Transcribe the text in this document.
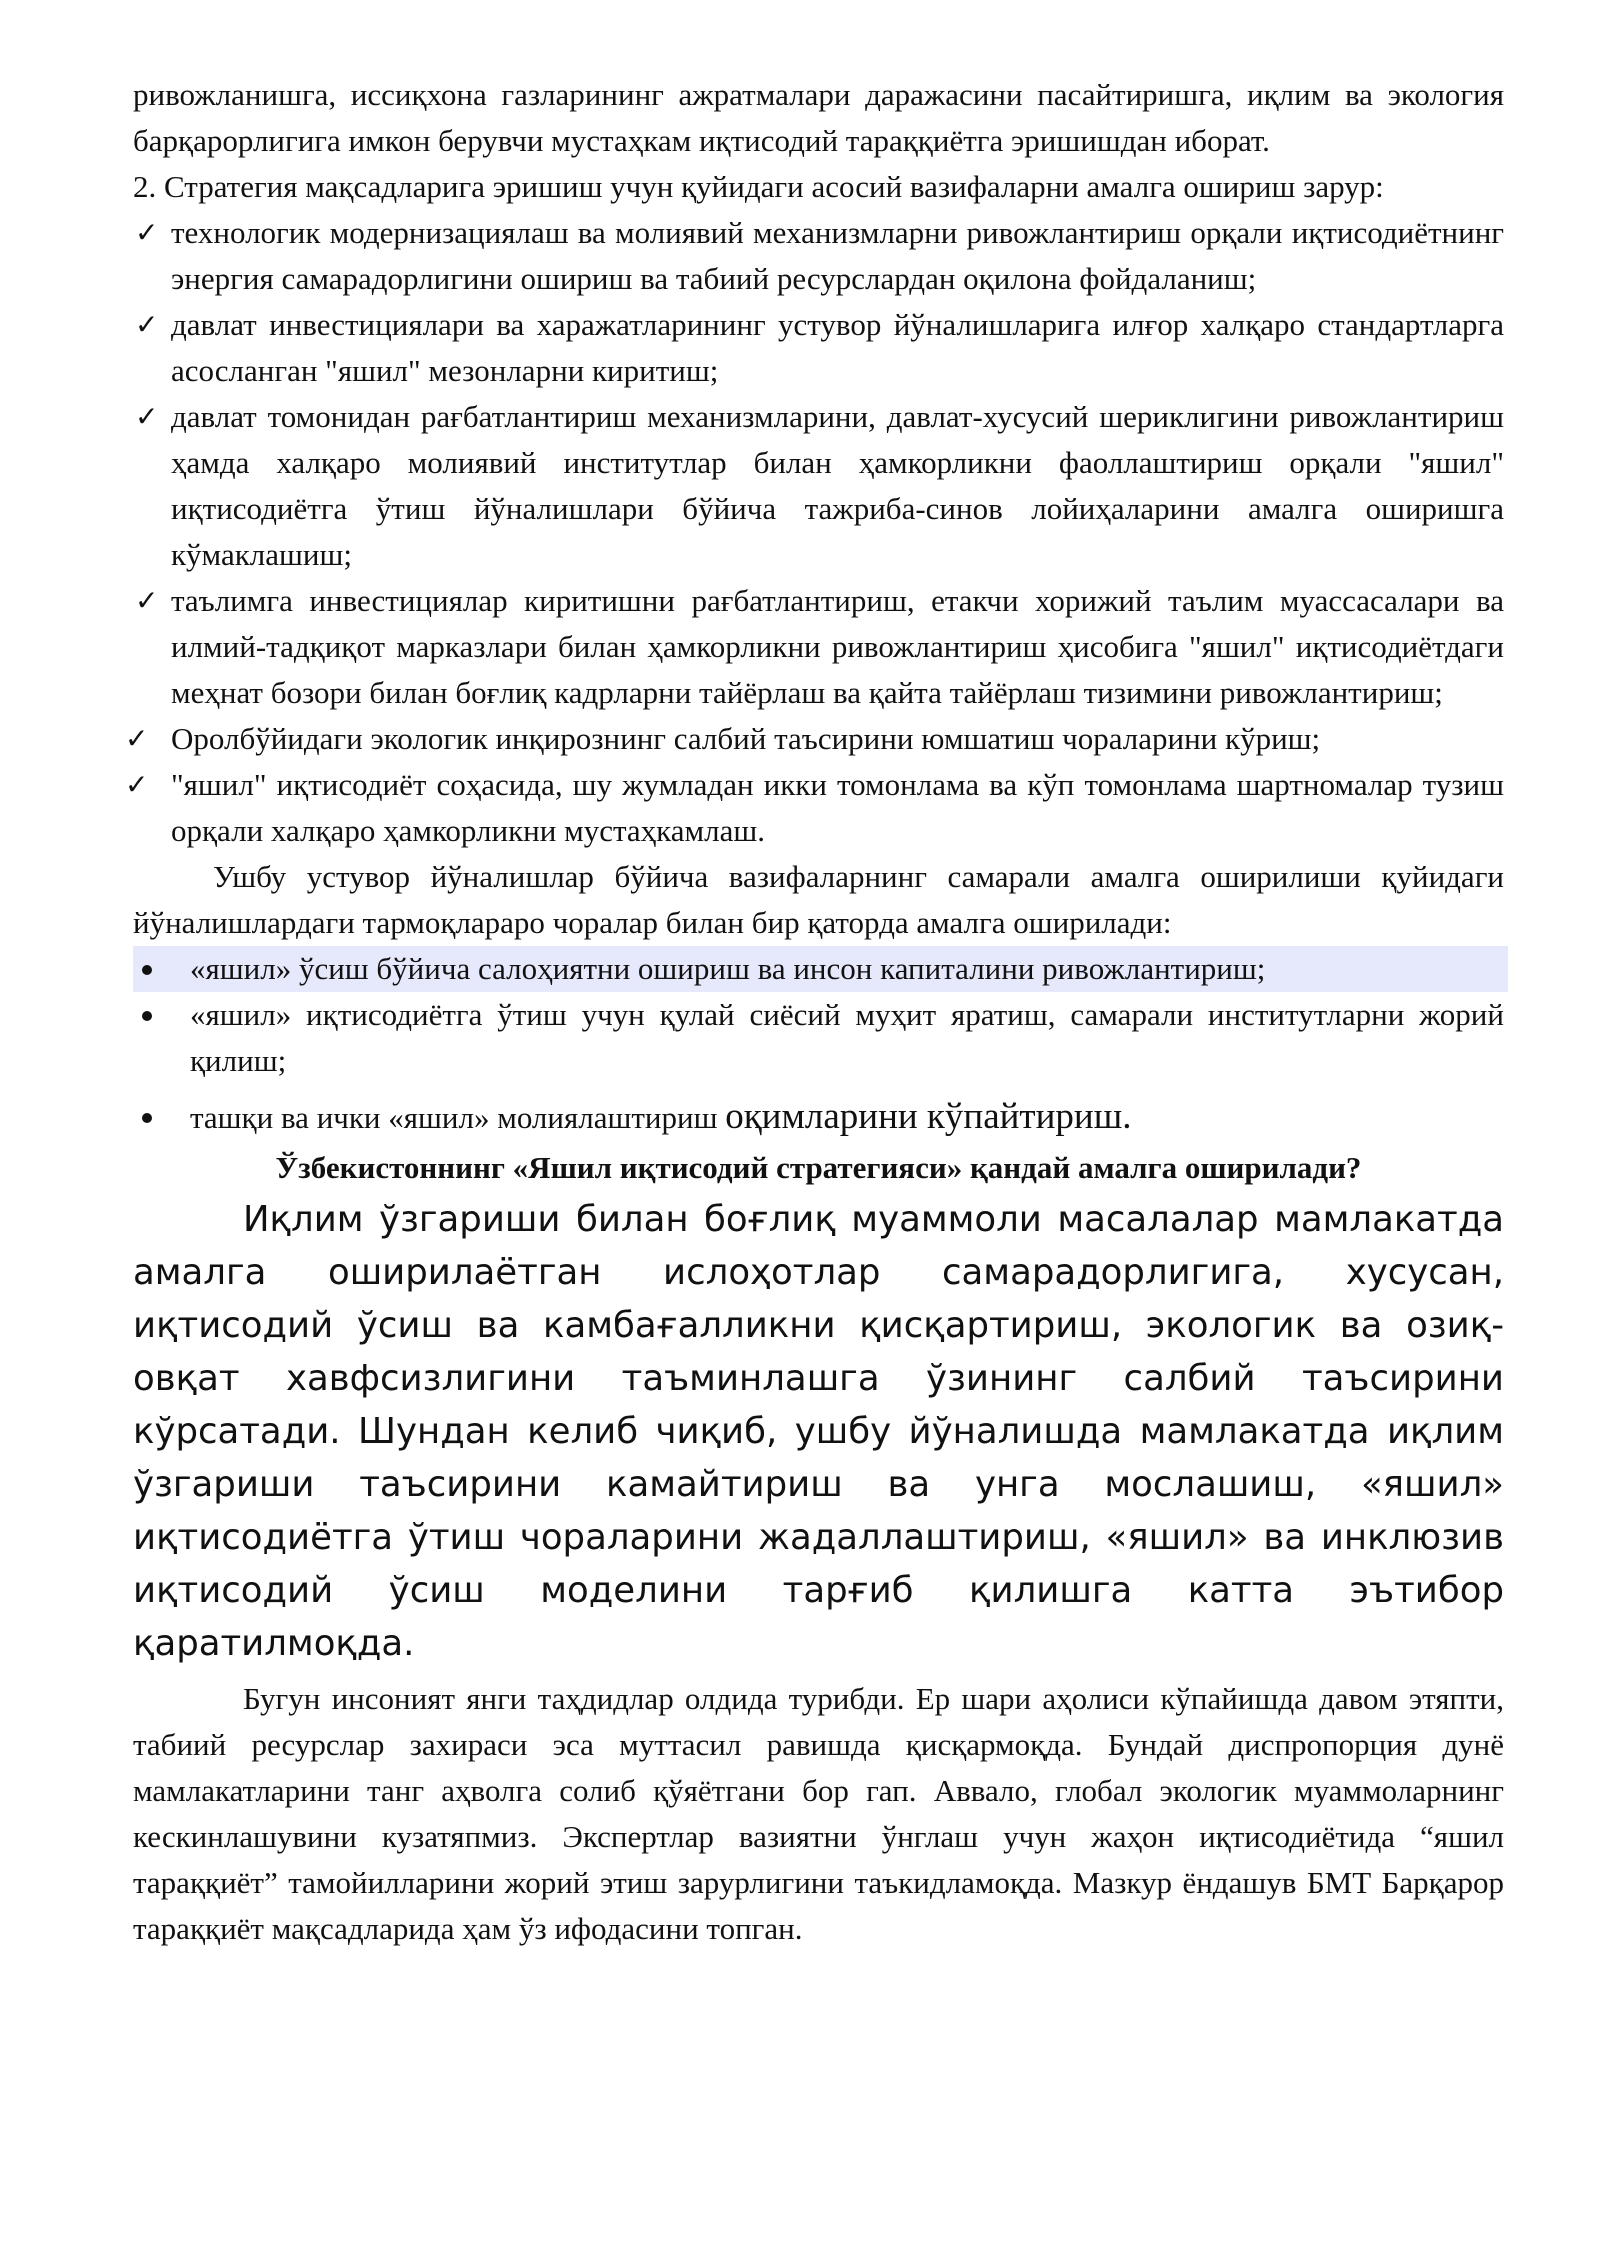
ривожланишга, иссиқхона газларининг ажратмалари даражасини пасайтиришга, иқлим ва экология барқарорлигига имкон берувчи мустаҳкам иқтисодий тараққиётга эришишдан иборат.

2. Стратегия мақсадларига эришиш учун қуйидаги асосий вазифаларни амалга ошириш зарур:

✓ технологик модернизациялаш ва молиявий механизмларни ривожлантириш орқали иқтисодиётнинг энергия самарадорлигини ошириш ва табиий ресурслардан оқилона фойдаланиш;
✓ давлат инвестициялари ва харажатларининг устувор йўналишларига илғор халқаро стандартларга асосланган "яшил" мезонларни киритиш;
✓ давлат томонидан рағбатлантириш механизмларини, давлат-хусусий шериклигини ривожлантириш ҳамда халқаро молиявий институтлар билан ҳамкорликни фаоллаштириш орқали "яшил" иқтисодиётга ўтиш йўналишлари бўйича тажриба-синов лойиҳаларини амалга оширишга кўмаклашиш;
✓ таълимга инвестициялар киритишни рағбатлантириш, етакчи хорижий таълим муассасалари ва илмий-тадқиқот марказлари билан ҳамкорликни ривожлантириш ҳисобига "яшил" иқтисодиётдаги меҳнат бозори билан боғлиқ кадрларни тайёрлаш ва қайта тайёрлаш тизимини ривожлантириш;
✓ Оролбўйидаги экологик инқирознинг салбий таъсирини юмшатиш чораларини кўриш;
✓ "яшил" иқтисодиёт соҳасида, шу жумладан икки томонлама ва кўп томонлама шартномалар тузиш орқали халқаро ҳамкорликни мустаҳкамлаш.

Ушбу устувор йўналишлар бўйича вазифаларнинг самарали амалга оширилиши қуйидаги йўналишлардаги тармоқлараро чоралар билан бир қаторда амалга оширилади:

«яшил» ўсиш бўйича салоҳиятни ошириш ва инсон капиталини ривожлантириш;
«яшил» иқтисодиётга ўтиш учун қулай сиёсий муҳит яратиш, самарали институтларни жорий қилиш;
ташқи ва ички «яшил» молиялаштириш оқимларини кўпайтириш.
Ўзбекистоннинг «Яшил иқтисодий стратегияси» қандай амалга оширилади?

Иқлим ўзгариши билан боғлиқ муаммоли масалалар мамлакатда амалга оширилаётган ислоҳотлар самарадорлигига, хусусан, иқтисодий ўсиш ва камбағалликни қисқартириш, экологик ва озиқ-овқат хавфсизлигини таъминлашга ўзининг салбий таъсирини кўрсатади. Шундан келиб чиқиб, ушбу йўналишда мамлакатда иқлим ўзгариши таъсирини камайтириш ва унга мослашиш, «яшил» иқтисодиётга ўтиш чораларини жадаллаштириш, «яшил» ва инклюзив иқтисодий ўсиш моделини тарғиб қилишга катта эътибор қаратилмоқда.

Бугун инсоният янги таҳдидлар олдида турибди. Ер шари аҳолиси кўпайишда давом этяпти, табиий ресурслар захираси эса муттасил равишда қисқармоқда. Бундай диспропорция дунё мамлакатларини танг аҳволга солиб қўяётгани бор гап. Аввало, глобал экологик муаммоларнинг кескинлашувини кузатяпмиз. Экспертлар вазиятни ўнглаш учун жаҳон иқтисодиётида “яшил тараққиёт” тамойилларини жорий этиш зарурлигини таъкидламоқда. Мазкур ёндашув БМТ Барқарор тараққиёт мақсадларида ҳам ўз ифодасини топган.
